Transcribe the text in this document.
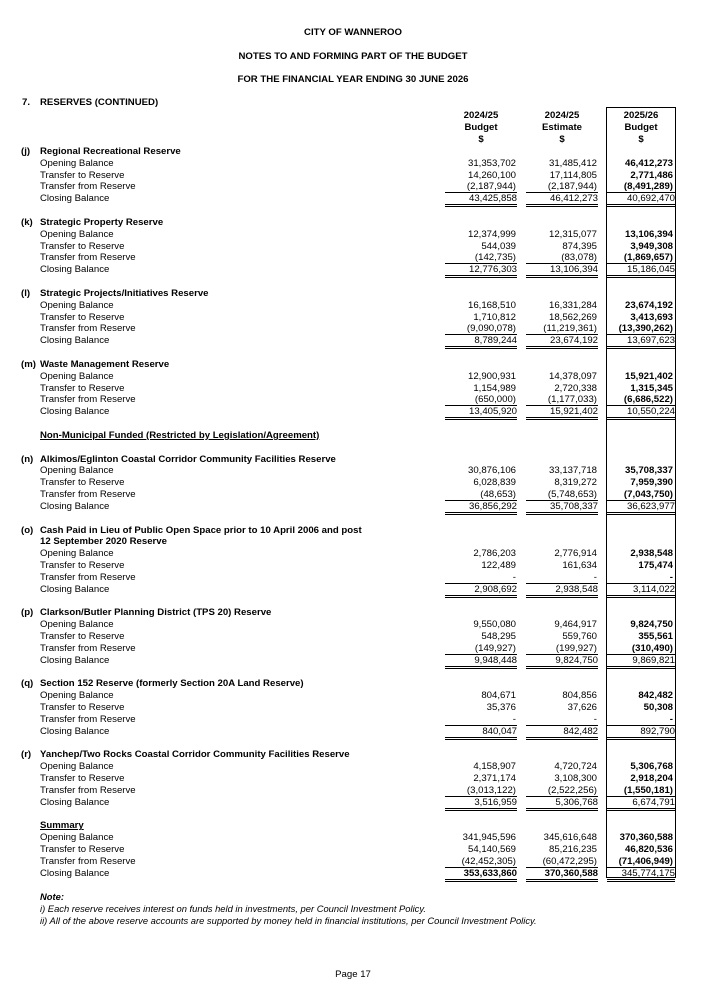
CITY OF WANNEROO
NOTES TO AND FORMING PART OF THE BUDGET
FOR THE FINANCIAL YEAR ENDING 30 JUNE 2026
7. RESERVES (CONTINUED)
2024/25
Budget
$
2024/25
Estimate
$
2025/26
Budget
$
(j) Regional Recreational Reserve
Opening Balance	31,353,702	31,485,412	46,412,273
Transfer to Reserve	14,260,100	17,114,805	2,771,486
Transfer from Reserve	(2,187,944)	(2,187,944)	(8,491,289)
Closing Balance	43,425,858	46,412,273	40,692,470
(k) Strategic Property Reserve
Opening Balance	12,374,999	12,315,077	13,106,394
Transfer to Reserve	544,039	874,395	3,949,308
Transfer from Reserve	(142,735)	(83,078)	(1,869,657)
Closing Balance	12,776,303	13,106,394	15,186,045
(l) Strategic Projects/Initiatives Reserve
Opening Balance	16,168,510	16,331,284	23,674,192
Transfer to Reserve	1,710,812	18,562,269	3,413,693
Transfer from Reserve	(9,090,078)	(11,219,361)	(13,390,262)
Closing Balance	8,789,244	23,674,192	13,697,623
(m) Waste Management Reserve
Opening Balance	12,900,931	14,378,097	15,921,402
Transfer to Reserve	1,154,989	2,720,338	1,315,345
Transfer from Reserve	(650,000)	(1,177,033)	(6,686,522)
Closing Balance	13,405,920	15,921,402	10,550,224
Non-Municipal Funded (Restricted by Legislation/Agreement)
(n) Alkimos/Eglinton Coastal Corridor Community Facilities Reserve
Opening Balance	30,876,106	33,137,718	35,708,337
Transfer to Reserve	6,028,839	8,319,272	7,959,390
Transfer from Reserve	(48,653)	(5,748,653)	(7,043,750)
Closing Balance	36,856,292	35,708,337	36,623,977
(o) Cash Paid in Lieu of Public Open Space prior to 10 April 2006 and post
12 September 2020 Reserve
Opening Balance	2,786,203	2,776,914	2,938,548
Transfer to Reserve	122,489	161,634	175,474
Transfer from Reserve	-	-	-
Closing Balance	2,908,692	2,938,548	3,114,022
(p) Clarkson/Butler Planning District (TPS 20) Reserve
Opening Balance	9,550,080	9,464,917	9,824,750
Transfer to Reserve	548,295	559,760	355,561
Transfer from Reserve	(149,927)	(199,927)	(310,490)
Closing Balance	9,948,448	9,824,750	9,869,821
(q) Section 152 Reserve (formerly Section 20A Land Reserve)
Opening Balance	804,671	804,856	842,482
Transfer to Reserve	35,376	37,626	50,308
Transfer from Reserve	-	-	-
Closing Balance	840,047	842,482	892,790
(r) Yanchep/Two Rocks Coastal Corridor Community Facilities Reserve
Opening Balance	4,158,907	4,720,724	5,306,768
Transfer to Reserve	2,371,174	3,108,300	2,918,204
Transfer from Reserve	(3,013,122)	(2,522,256)	(1,550,181)
Closing Balance	3,516,959	5,306,768	6,674,791
Summary
Opening Balance	341,945,596	345,616,648	370,360,588
Transfer to Reserve	54,140,569	85,216,235	46,820,536
Transfer from Reserve	(42,452,305)	(60,472,295)	(71,406,949)
Closing Balance	353,633,860	370,360,588	345,774,175
Note:
i) Each reserve receives interest on funds held in investments, per Council Investment Policy.
ii) All of the above reserve accounts are supported by money held in financial institutions, per Council Investment Policy.
Page 17
